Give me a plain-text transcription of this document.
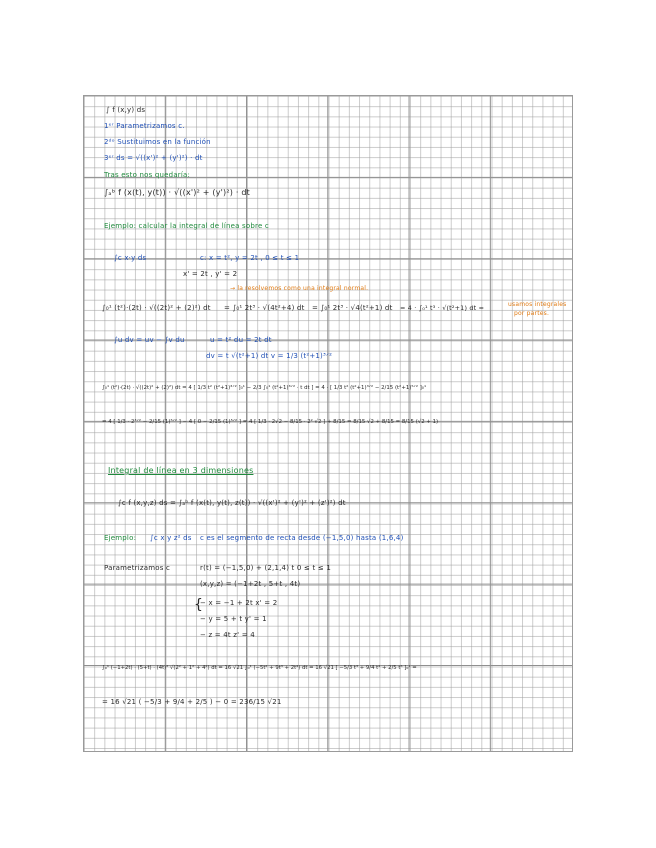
∫ f (x,y) ds
1ᵉʳ Parametrizamos c.
2ᵈᵒ Sustituimos en la función
3ᵉʳ ds = √((x')² + (y')²) · dt
Tras esto nos quedaría:
∫ₐᵇ f (x(t), y(t)) · √((x')² + (y')²) · dt
Ejemplo: calcular la integral de línea sobre c
∫c x·y ds	c: x = t², y = 2t , 0 ≤ t ≤ 1
x' = 2t , y' = 2
→ la resolvemos como una integral normal.
∫₀¹ (t²)·(2t) · √((2t)² + (2)²) dt = ∫₀¹ 2t³ · √(4t²+4) dt = ∫₀¹ 2t³ · √4(t²+1) dt = 4 · ∫₀¹ t³ · √(t²+1) dt =	usamos integrales
por partes.
∫u dv = uv − ∫v du	u = t² du = 2t dt
dv = t √(t²+1) dt v = 1/3 (t²+1)³ᐟ²
∫₀¹ (t²)·(2t) · √((2t)² + (2)²) dt = 4 [ 1/3 t² (t²+1)³ᐟ² ]₀¹ − 2/3 ∫₀¹ (t²+1)³ᐟ² · t dt ] = 4 · [ 1/3 t² (t²+1)³ᐟ² − 2/15 (t²+1)⁵ᐟ² ]₀¹
= 4 [ 1/3 · 2³ᐟ² − 2/15 (1)⁵ᐟ² ] − 4 [ 0 − 2/15 (1)⁵ᐟ² ] = 4 [ 1/3 · 2√2 − 8/15 · 2² √2 ] + 8/15 = 8/15 √2 + 8/15 = 8/15 (√2 + 1)
Integral de línea en 3 dimensiones
∫c f (x,y,z) ds = ∫ₐᵇ f (x(t), y(t), z(t)) · √((x')² + (y')² + (z')²) dt
Ejemplo: ∫c x y z² ds c es el segmento de recta desde (−1,5,0) hasta (1,6,4)
Parametrizamos c	r(t) = (−1,5,0) + (2,1,4) t 0 ≤ t ≤ 1
(x,y,z) = (−1+2t , 5+t , 4t)
{
− x = −1 + 2t x' = 2
− y = 5 + t y' = 1
− z = 4t z' = 4
∫₀¹ (−1+2t) · (5+t) · (4t)² √(2² + 1² + 4²) dt = 16 √21 ∫₀¹ (−5t² + 9t³ + 2t⁴) dt = 16 √21 [ −5/3 t³ + 9/4 t⁴ + 2/5 t⁵ ]₀¹ =
= 16 √21 ( −5/3 + 9/4 + 2/5 ) − 0 = 236/15 √21
